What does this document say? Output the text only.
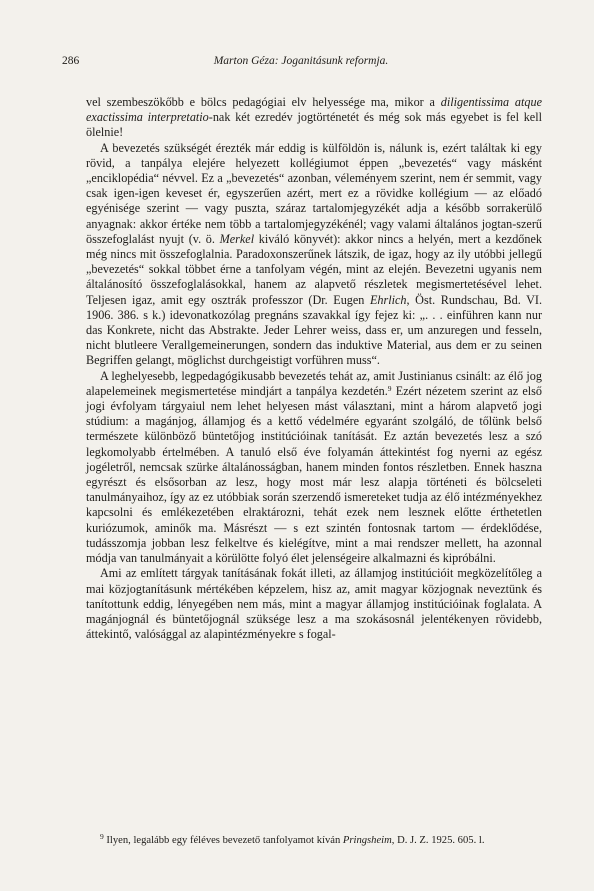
286	Marton Géza: Joganitásunk reformja.

vel szembeszökőbb e bölcs pedagógiai elv helyessége ma, mikor a diligentissima atque exactissima interpretatio-nak két ezredév jogtörténetét és még sok más egyebet is fel kell ölelnie!

A bevezetés szükségét érezték már eddig is külföldön is, nálunk is, ezért találtak ki egy rövid, a tanpálya elejére helyezett kollégiumot éppen „bevezetés“ vagy másként „enciklopédia“ névvel. Ez a „bevezetés“ azonban, véleményem szerint, nem ér semmit, vagy csak igen-igen keveset ér, egyszerűen azért, mert ez a rövidke kollégium — az előadó egyénisége szerint — vagy puszta, száraz tartalomjegyzékét adja a később sorrakerülő anyagnak: akkor értéke nem több a tartalomjegyzékénél; vagy valami általános jogtan-szerű összefoglalást nyujt (v. ö. Merkel kiváló könyvét): akkor nincs a helyén, mert a kezdőnek még nincs mit összefoglalnia. Paradoxonszerűnek látszik, de igaz, hogy az ily utóbbi jellegű „bevezetés“ sokkal többet érne a tanfolyam végén, mint az elején. Bevezetni ugyanis nem általánosító összefoglalásokkal, hanem az alapvető részletek megismertetésével lehet. Teljesen igaz, amit egy osztrák professzor (Dr. Eugen Ehrlich, Öst. Rundschau, Bd. VI. 1906. 386. s k.) idevonatkozólag pregnáns szavakkal így fejez ki: „. . . einführen kann nur das Konkrete, nicht das Abstrakte. Jeder Lehrer weiss, dass er, um anzuregen und fesseln, nicht blutleere Verallgemeinerungen, sondern das induktive Material, aus dem er zu seinen Begriffen gelangt, möglichst durchgeistigt vorführen muss“.

A leghelyesebb, legpedagógikusabb bevezetés tehát az, amit Justinianus csinált: az élő jog alapelemeinek megismertetése mindjárt a tanpálya kezdetén.$^9$ Ezért nézetem szerint az első jogi évfolyam tárgyaiul nem lehet helyesen mást választani, mint a három alapvető jogi stúdium: a magánjog, államjog és a kettő védelmére egyaránt szolgáló, de tőlünk belső természete különböző büntetőjog institúcióinak tanítását. Ez aztán bevezetés lesz a szó legkomolyabb értelmében. A tanuló első éve folyamán áttekintést fog nyerni az egész jogéletről, nemcsak szürke általánosságban, hanem minden fontos részletben. Ennek haszna egyrészt és elsősorban az lesz, hogy most már lesz alapja történeti és bölcseleti tanulmányaihoz, így az ez utóbbiak során szerzendő ismereteket tudja az élő intézményekhez kapcsolni és emlékezetében elraktározni, tehát ezek nem lesznek előtte érthetetlen kuriózumok, aminők ma. Másrészt — s ezt szintén fontosnak tartom — érdeklődése, tudásszomja jobban lesz felkeltve és kielégítve, mint a mai rendszer mellett, ha azonnal módja van tanulmányait a körülötte folyó élet jelenségeire alkalmazni és kipróbálni.

Ami az említett tárgyak tanításának fokát illeti, az államjog institúcióit megközelítőleg a mai közjogtanításunk mértékében képzelem, hisz az, amit magyar közjognak neveztünk és tanítottunk eddig, lényegében nem más, mint a magyar államjog institúcióinak foglalata. A magánjognál és büntetőjognál szüksége lesz a ma szokásosnál jelentékenyen rövidebb, áttekintő, valósággal az alapintézményekre s fogal-

$^9$ Ilyen, legalább egy féléves bevezető tanfolyamot kíván Pringsheim, D. J. Z. 1925. 605. l.
